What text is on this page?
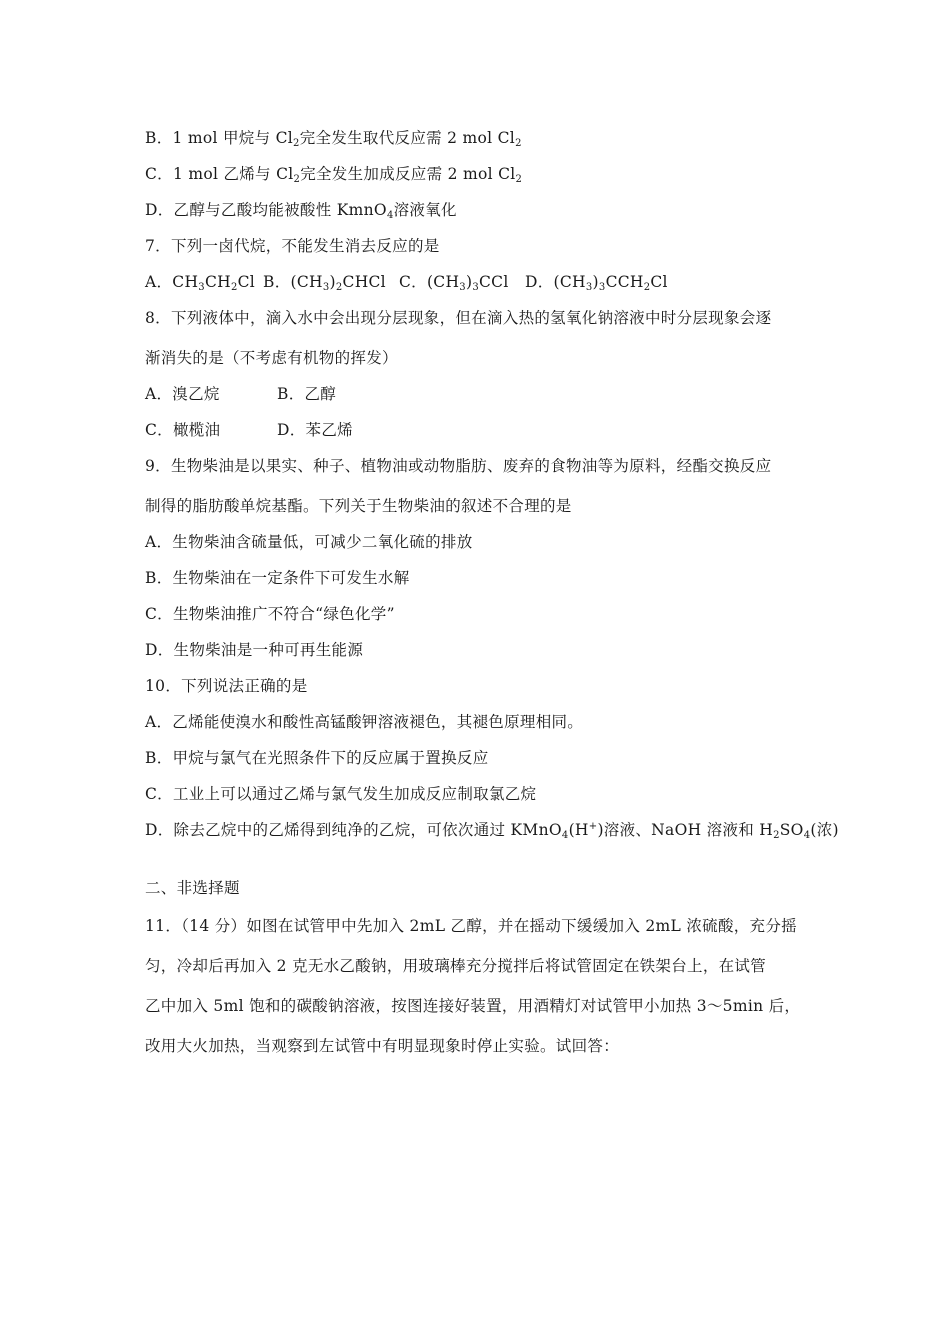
B．1 mol 甲烷与 $Cl_2$完全发生取代反应需 2 mol $Cl_2$

C．1 mol 乙烯与 $Cl_2$完全发生加成反应需 2 mol $Cl_2$

D．乙醇与乙酸均能被酸性 KmnO$_4$溶液氧化

7．下列一卤代烷，不能发生消去反应的是

A．$CH_3CH_2Cl$ B．$(CH_3)_2CHCl$ C．$(CH_3)_3CCl$ D．$(CH_3)_3CCH_2Cl$

8．下列液体中，滴入水中会出现分层现象，但在滴入热的氢氧化钠溶液中时分层现象会逐

渐消失的是（不考虑有机物的挥发）

A．溴乙烷	B．乙醇

C．橄榄油	D．苯乙烯

9．生物柴油是以果实、种子、植物油或动物脂肪、废弃的食物油等为原料，经酯交换反应

制得的脂肪酸单烷基酯。下列关于生物柴油的叙述不合理的是

A．生物柴油含硫量低，可减少二氧化硫的排放

B．生物柴油在一定条件下可发生水解

C．生物柴油推广不符合“绿色化学”

D．生物柴油是一种可再生能源

10．下列说法正确的是

A．乙烯能使溴水和酸性高锰酸钾溶液褪色，其褪色原理相同。

B．甲烷与氯气在光照条件下的反应属于置换反应

C．工业上可以通过乙烯与氯气发生加成反应制取氯乙烷

D．除去乙烷中的乙烯得到纯净的乙烷，可依次通过 KMnO$_4$(H+)溶液、NaOH 溶液和 $H_2SO_4$(浓)

二、非选择题

11．（14 分）如图在试管甲中先加入 2mL 乙醇，并在摇动下缓缓加入 2mL 浓硫酸，充分摇

匀，冷却后再加入 2 克无水乙酸钠，用玻璃棒充分搅拌后将试管固定在铁架台上，在试管

乙中加入 5ml 饱和的碳酸钠溶液，按图连接好装置，用酒精灯对试管甲小加热 3～5min 后，

改用大火加热，当观察到左试管中有明显现象时停止实验。试回答：
